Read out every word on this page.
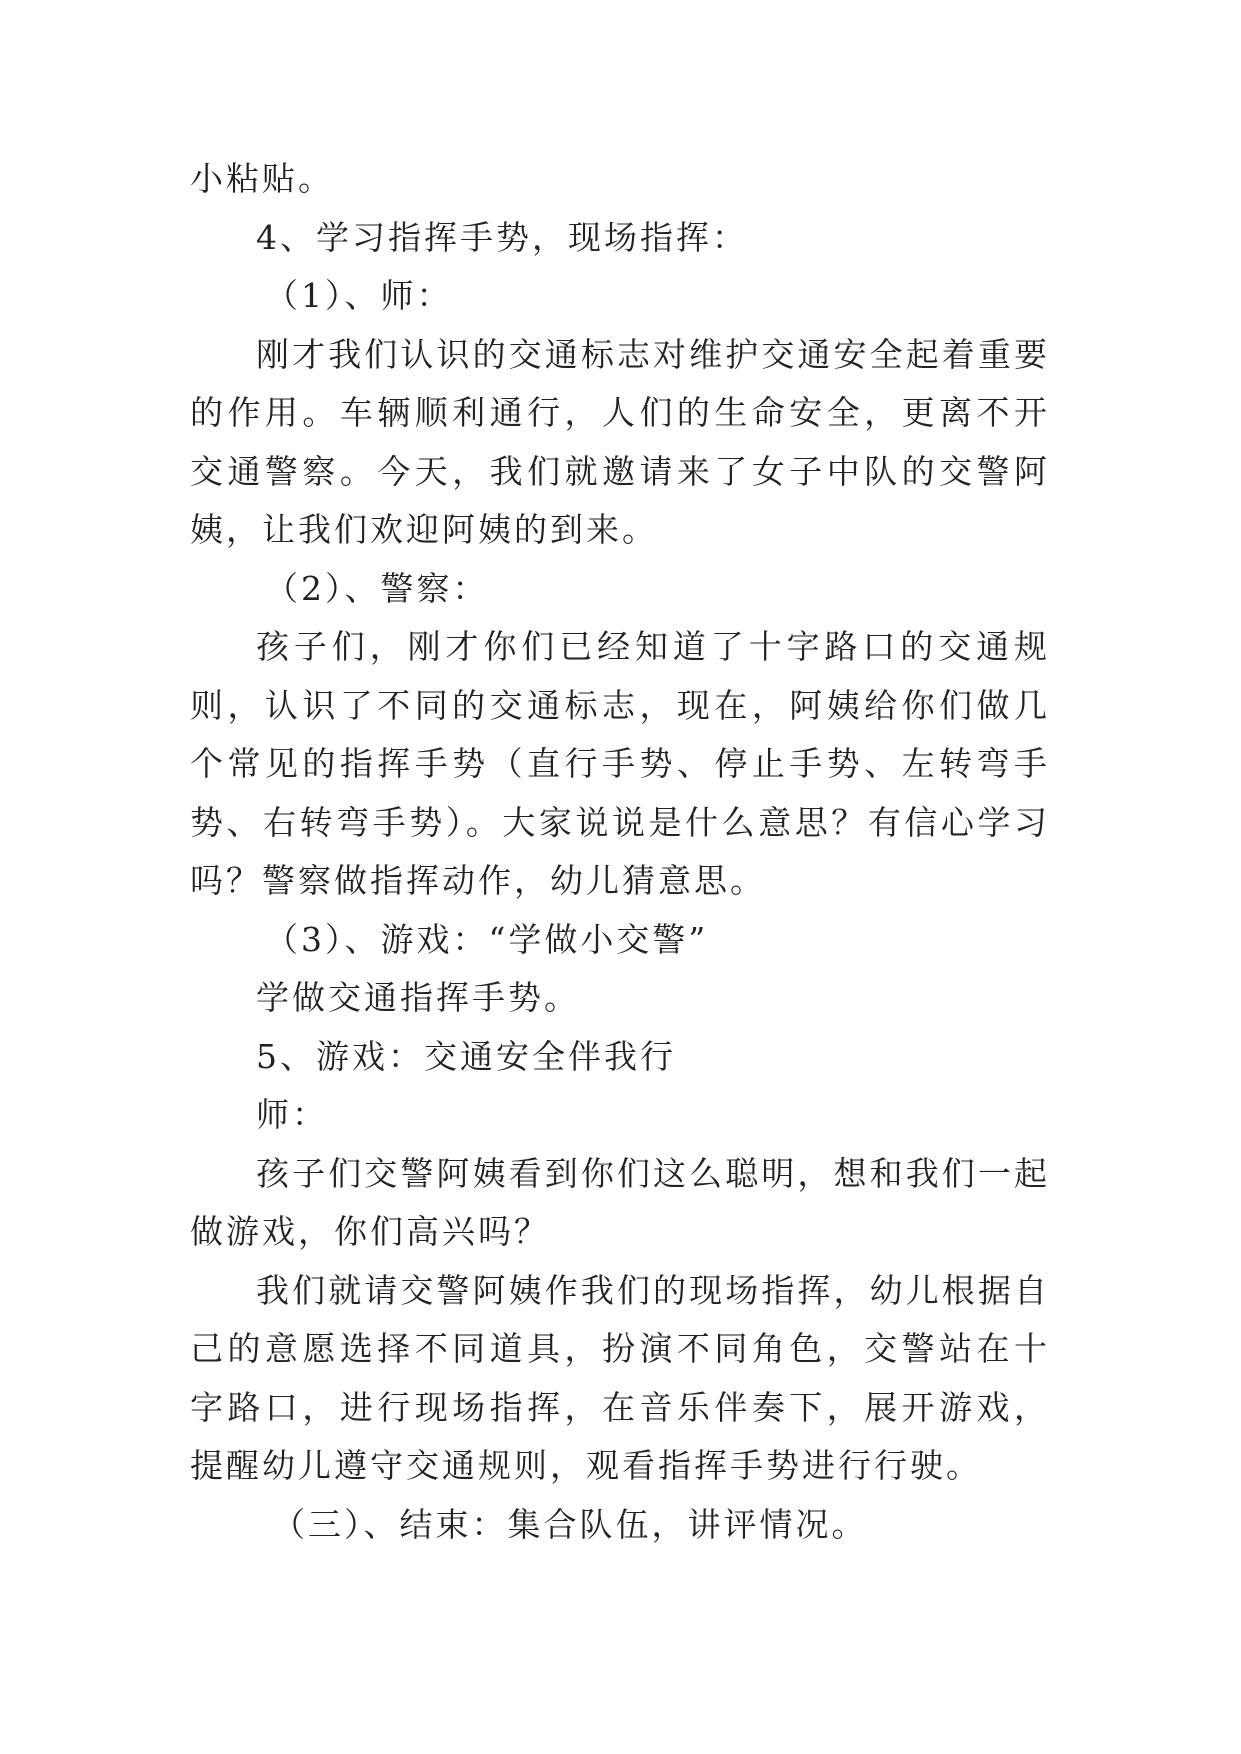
小粘贴。

4、学习指挥手势，现场指挥：

（1）、师：

刚才我们认识的交通标志对维护交通安全起着重要的作用。车辆顺利通行，人们的生命安全，更离不开交通警察。今天，我们就邀请来了女子中队的交警阿姨，让我们欢迎阿姨的到来。

（2）、警察：

孩子们，刚才你们已经知道了十字路口的交通规则，认识了不同的交通标志，现在，阿姨给你们做几个常见的指挥手势（直行手势、停止手势、左转弯手势、右转弯手势）。大家说说是什么意思？有信心学习吗？警察做指挥动作，幼儿猜意思。

（3）、游戏：“学做小交警”

学做交通指挥手势。

5、游戏：交通安全伴我行

师：

孩子们交警阿姨看到你们这么聪明，想和我们一起做游戏，你们高兴吗？

我们就请交警阿姨作我们的现场指挥，幼儿根据自己的意愿选择不同道具，扮演不同角色，交警站在十字路口，进行现场指挥，在音乐伴奏下，展开游戏，提醒幼儿遵守交通规则，观看指挥手势进行行驶。

（三）、结束：集合队伍，讲评情况。
